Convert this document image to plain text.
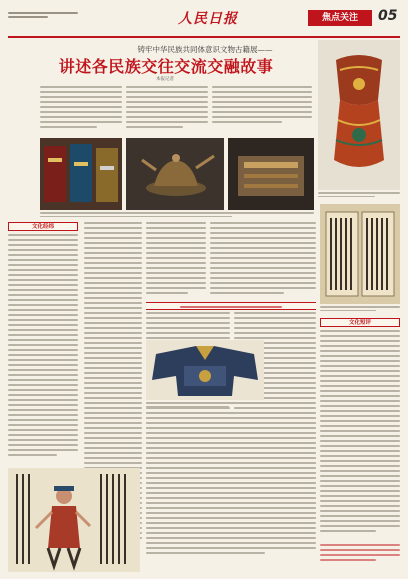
人民日报	焦点关注	05
铸牢中华民族共同体意识文物古籍展——
讲述各民族交往交流交融故事
本报记者
文化经纬
文化短评
